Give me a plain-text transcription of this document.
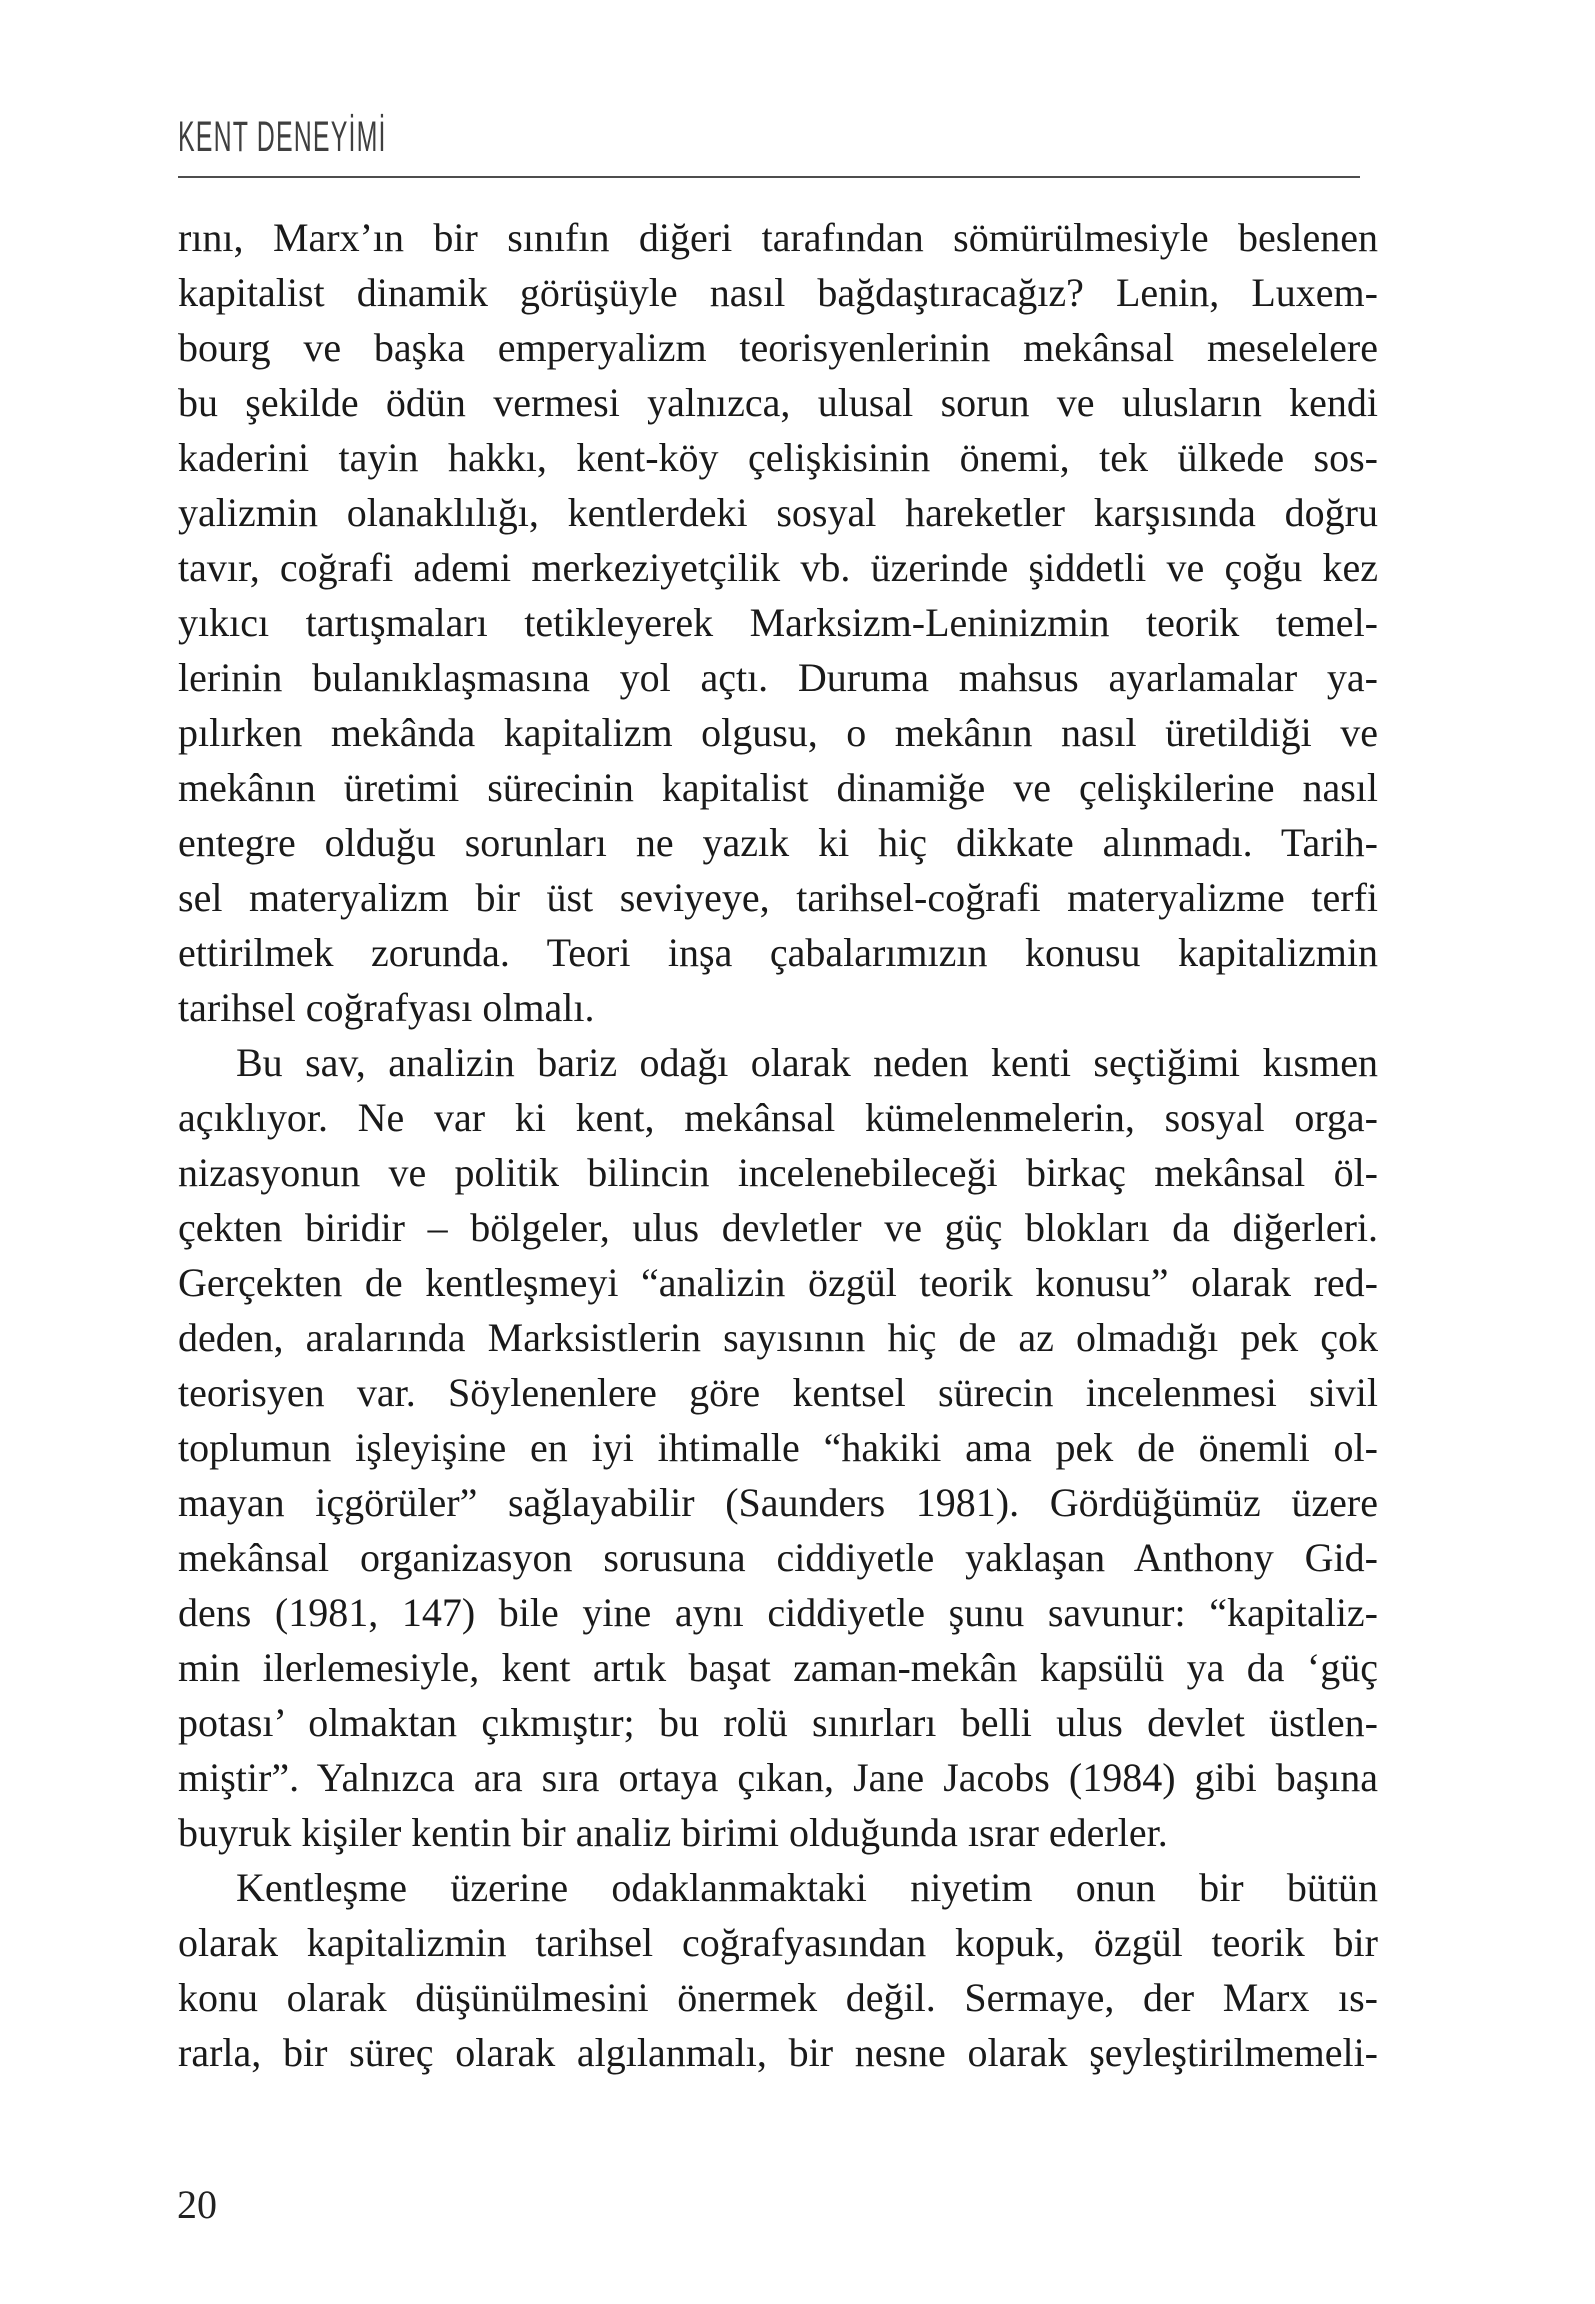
KENT DENEYİMİ
rını, Marx’ın bir sınıfın diğeri tarafından sömürülmesiyle beslenen
kapitalist dinamik görüşüyle nasıl bağdaştıracağız? Lenin, Luxem-
bourg ve başka emperyalizm teorisyenlerinin mekânsal meselelere
bu şekilde ödün vermesi yalnızca, ulusal sorun ve ulusların kendi
kaderini tayin hakkı, kent-köy çelişkisinin önemi, tek ülkede sos-
yalizmin olanaklılığı, kentlerdeki sosyal hareketler karşısında doğru
tavır, coğrafi ademi merkeziyetçilik vb. üzerinde şiddetli ve çoğu kez
yıkıcı tartışmaları tetikleyerek Marksizm-Leninizmin teorik temel-
lerinin bulanıklaşmasına yol açtı. Duruma mahsus ayarlamalar ya-
pılırken mekânda kapitalizm olgusu, o mekânın nasıl üretildiği ve
mekânın üretimi sürecinin kapitalist dinamiğe ve çelişkilerine nasıl
entegre olduğu sorunları ne yazık ki hiç dikkate alınmadı. Tarih-
sel materyalizm bir üst seviyeye, tarihsel-coğrafi materyalizme terfi
ettirilmek zorunda. Teori inşa çabalarımızın konusu kapitalizmin
tarihsel coğrafyası olmalı.
Bu sav, analizin bariz odağı olarak neden kenti seçtiğimi kısmen
açıklıyor. Ne var ki kent, mekânsal kümelenmelerin, sosyal orga-
nizasyonun ve politik bilincin incelenebileceği birkaç mekânsal öl-
çekten biridir – bölgeler, ulus devletler ve güç blokları da diğerleri.
Gerçekten de kentleşmeyi “analizin özgül teorik konusu” olarak red-
deden, aralarında Marksistlerin sayısının hiç de az olmadığı pek çok
teorisyen var. Söylenenlere göre kentsel sürecin incelenmesi sivil
toplumun işleyişine en iyi ihtimalle “hakiki ama pek de önemli ol-
mayan içgörüler” sağlayabilir (Saunders 1981). Gördüğümüz üzere
mekânsal organizasyon sorusuna ciddiyetle yaklaşan Anthony Gid-
dens (1981, 147) bile yine aynı ciddiyetle şunu savunur: “kapitaliz-
min ilerlemesiyle, kent artık başat zaman-mekân kapsülü ya da ‘güç
potası’ olmaktan çıkmıştır; bu rolü sınırları belli ulus devlet üstlen-
miştir”. Yalnızca ara sıra ortaya çıkan, Jane Jacobs (1984) gibi başına
buyruk kişiler kentin bir analiz birimi olduğunda ısrar ederler.
Kentleşme üzerine odaklanmaktaki niyetim onun bir bütün
olarak kapitalizmin tarihsel coğrafyasından kopuk, özgül teorik bir
konu olarak düşünülmesini önermek değil. Sermaye, der Marx ıs-
rarla, bir süreç olarak algılanmalı, bir nesne olarak şeyleştirilmemeli-
20
